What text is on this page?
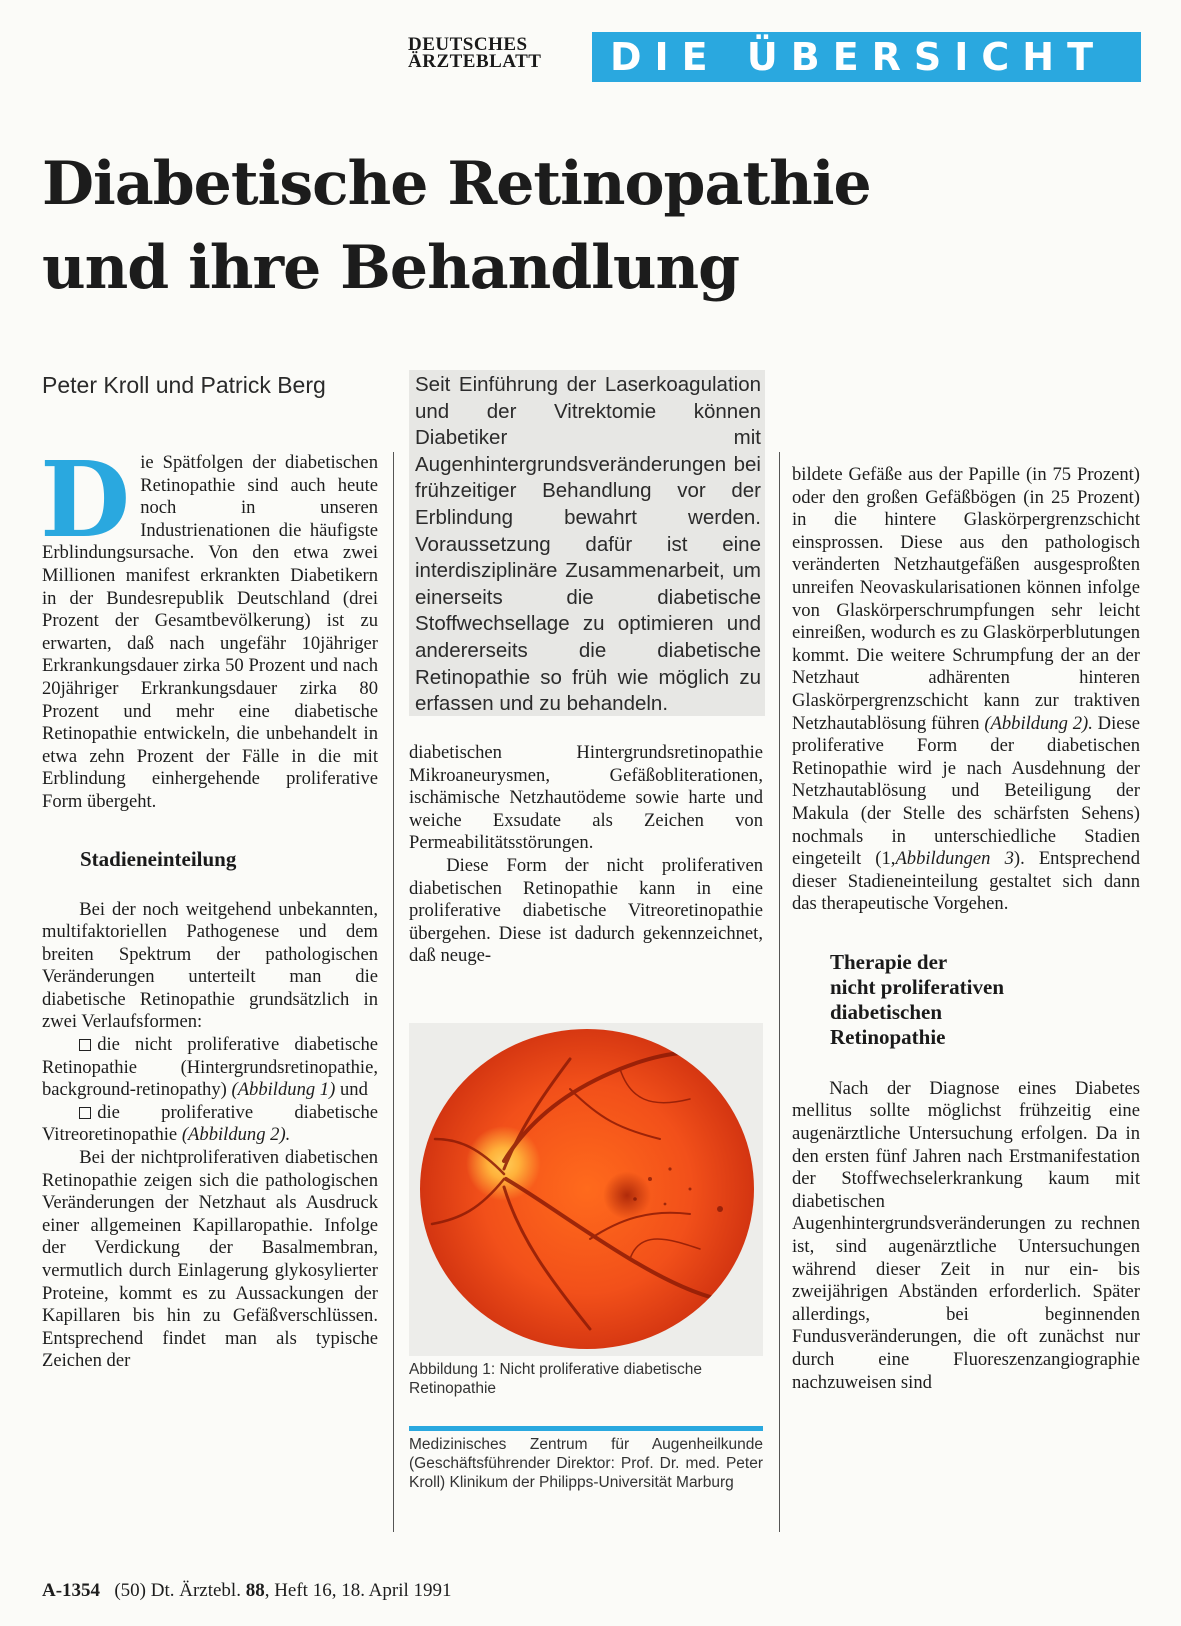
DEUTSCHES
ÄRZTEBLATT	DIE ÜBERSICHT
Diabetische Retinopathie
und ihre Behandlung
Peter Kroll und Patrick Berg	Seit Einführung der Laserkoagulation und der Vitrektomie können Diabetiker mit Augenhintergrundsveränderungen bei frühzeitiger Behandlung vor der Erblindung bewahrt werden. Voraussetzung dafür ist eine interdisziplinäre Zusammenarbeit, um einerseits die diabetische Stoffwechsellage zu optimieren und andererseits die diabetische Retinopathie so früh wie möglich zu erfassen und zu behandeln.

Die Spätfolgen der diabetischen Retinopathie sind auch heute noch in unseren Industrienationen die häufigste Erblindungsursache. Von den etwa zwei Millionen manifest erkrankten Diabetikern in der Bundesrepublik Deutschland (drei Prozent der Gesamtbevölkerung) ist zu erwarten, daß nach ungefähr 10jähriger Erkrankungsdauer zirka 50 Prozent und nach 20jähriger Erkrankungsdauer zirka 80 Prozent und mehr eine diabetische Retinopathie entwickeln, die unbehandelt in etwa zehn Prozent der Fälle in die mit Erblindung einhergehende proliferative Form übergeht.

Stadieneinteilung

Bei der noch weitgehend unbekannten, multifaktoriellen Pathogenese und dem breiten Spektrum der pathologischen Veränderungen unterteilt man die diabetische Retinopathie grundsätzlich in zwei Verlaufsformen:

die nicht proliferative diabetische Retinopathie (Hintergrundsretinopathie, background-retinopathy) (Abbildung 1) und

die proliferative diabetische Vitreoretinopathie (Abbildung 2).

Bei der nichtproliferativen diabetischen Retinopathie zeigen sich die pathologischen Veränderungen der Netzhaut als Ausdruck einer allgemeinen Kapillaropathie. Infolge der Verdickung der Basalmembran, vermutlich durch Einlagerung glykosylierter Proteine, kommt es zu Aussackungen der Kapillaren bis hin zu Gefäßverschlüssen. Entsprechend findet man als typische Zeichen der

diabetischen Hintergrundsretinopathie Mikroaneurysmen, Gefäßobliterationen, ischämische Netzhautödeme sowie harte und weiche Exsudate als Zeichen von Permeabilitätsstörungen.

Diese Form der nicht proliferativen diabetischen Retinopathie kann in eine proliferative diabetische Vitreoretinopathie übergehen. Diese ist dadurch gekennzeichnet, daß neuge-

Abbildung 1: Nicht proliferative diabetische Retinopathie
Medizinisches Zentrum für Augenheilkunde (Geschäftsführender Direktor: Prof. Dr. med. Peter Kroll) Klinikum der Philipps-Universität Marburg

bildete Gefäße aus der Papille (in 75 Prozent) oder den großen Gefäßbögen (in 25 Prozent) in die hintere Glaskörpergrenzschicht einsprossen. Diese aus den pathologisch veränderten Netzhautgefäßen ausgesproßten unreifen Neovaskularisationen können infolge von Glaskörperschrumpfungen sehr leicht einreißen, wodurch es zu Glaskörperblutungen kommt. Die weitere Schrumpfung der an der Netzhaut adhärenten hinteren Glaskörpergrenzschicht kann zur traktiven Netzhautablösung führen (Abbildung 2). Diese proliferative Form der diabetischen Retinopathie wird je nach Ausdehnung der Netzhautablösung und Beteiligung der Makula (der Stelle des schärfsten Sehens) nochmals in unterschiedliche Stadien eingeteilt (1,Abbildungen 3). Entsprechend dieser Stadieneinteilung gestaltet sich dann das therapeutische Vorgehen.

Therapie der
nicht proliferativen
diabetischen
Retinopathie

Nach der Diagnose eines Diabetes mellitus sollte möglichst frühzeitig eine augenärztliche Untersuchung erfolgen. Da in den ersten fünf Jahren nach Erstmanifestation der Stoffwechselerkrankung kaum mit diabetischen Augenhintergrundsveränderungen zu rechnen ist, sind augenärztliche Untersuchungen während dieser Zeit in nur ein- bis zweijährigen Abständen erforderlich. Später allerdings, bei beginnenden Fundusveränderungen, die oft zunächst nur durch eine Fluoreszenzangiographie nachzuweisen sind

A-1354 (50) Dt. Ärztebl. 88, Heft 16, 18. April 1991
